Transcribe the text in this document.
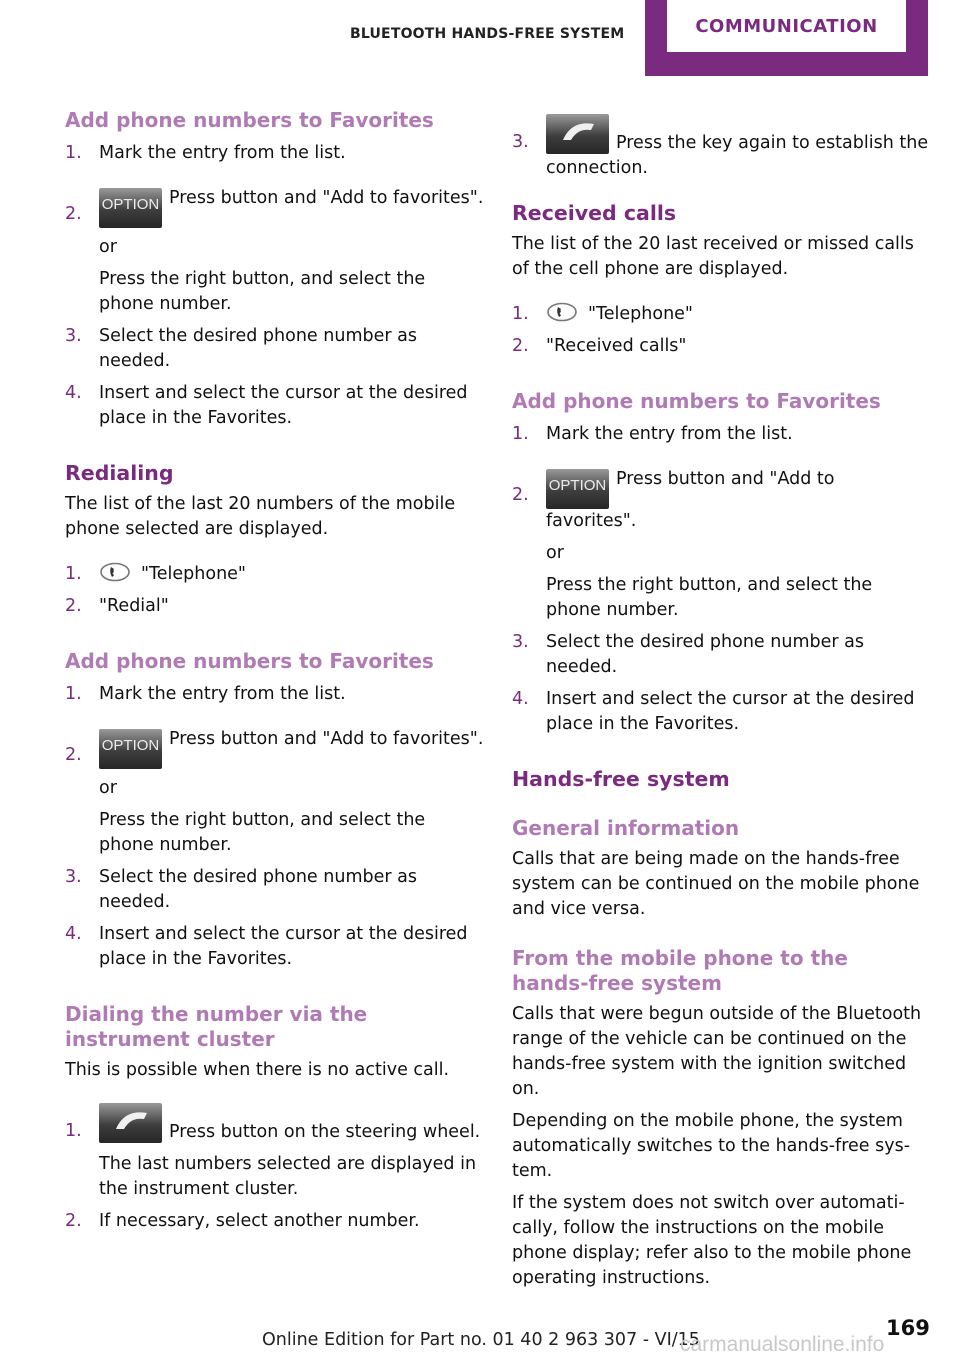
BLUETOOTH HANDS-FREE SYSTEM	COMMUNICATION
Add phone numbers to Favorites
1. Mark the entry from the list.
2. OPTION Press button and "Add to favorites".

or

Press the right button, and select the phone number.

3. Select the desired phone number as needed.
4. Insert and select the cursor at the desired place in the Favorites.
Redialing

The list of the last 20 numbers of the mobile phone selected are displayed.

1.	"Telephone"
2. "Redial"
Add phone numbers to Favorites
1. Mark the entry from the list.
2. OPTION Press button and "Add to favorites".

or

Press the right button, and select the phone number.

3. Select the desired phone number as needed.
4. Insert and select the cursor at the desired place in the Favorites.
Dialing the number via the instrument cluster

This is possible when there is no active call.

1.	Press button on the steering wheel.

The last numbers selected are displayed in the instrument cluster.

2. If necessary, select another number.
3.	Press the key again to establish the connection.
Received calls

The list of the 20 last received or missed calls of the cell phone are displayed.

1.	"Telephone"
2. "Received calls"
Add phone numbers to Favorites
1. Mark the entry from the list.
2. OPTION Press button and "Add to favorites".

or

Press the right button, and select the phone number.

3. Select the desired phone number as needed.
4. Insert and select the cursor at the desired place in the Favorites.
Hands-free system
General information

Calls that are being made on the hands-free system can be continued on the mobile phone and vice versa.

From the mobile phone to the hands-free system

Calls that were begun outside of the Bluetooth range of the vehicle can be continued on the hands-free system with the ignition switched on.

Depending on the mobile phone, the system automatically switches to the hands-free sys‐tem.

If the system does not switch over automati‐cally, follow the instructions on the mobile phone display; refer also to the mobile phone operating instructions.

Online Edition for Part no. 01 40 2 963 307 - VI/15	169
carmanualsonline.info
